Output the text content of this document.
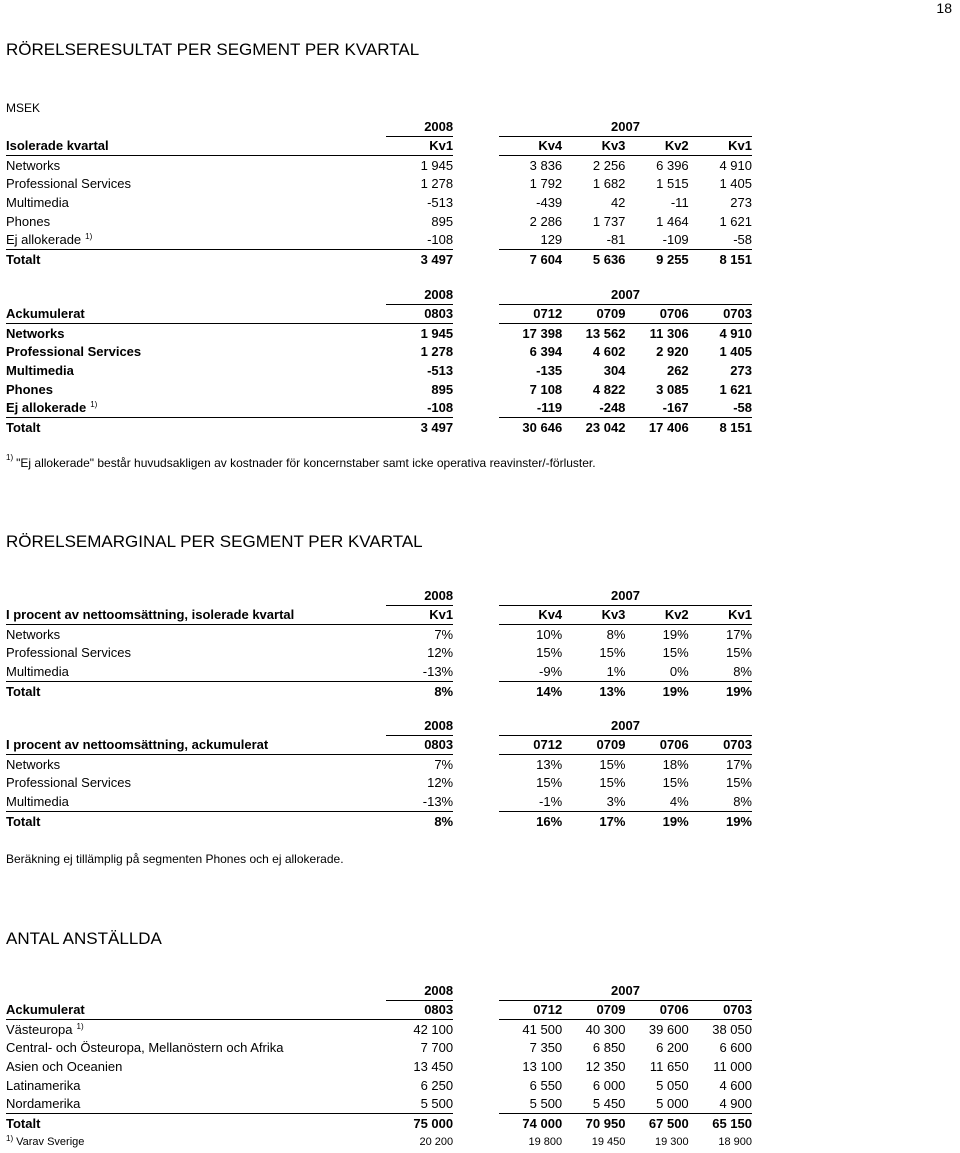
18
RÖRELSERESULTAT PER SEGMENT PER KVARTAL
MSEK
	2008		2007			
Isolerade kvartal	Kv1		Kv4	Kv3	Kv2	Kv1
Networks	1 945		3 836	2 256	6 396	4 910
Professional Services	1 278		1 792	1 682	1 515	1 405
Multimedia	-513		-439	42	-11	273
Phones	895		2 286	1 737	1 464	1 621
Ej allokerade $^{1)}$	-108		129	-81	-109	-58
Totalt	3 497		7 604	5 636	9 255	8 151
	2008		2007			
Ackumulerat	0803		0712	0709	0706	0703
Networks	1 945		17 398	13 562	11 306	4 910
Professional Services	1 278		6 394	4 602	2 920	1 405
Multimedia	-513		-135	304	262	273
Phones	895		7 108	4 822	3 085	1 621
Ej allokerade $^{1)}$	-108		-119	-248	-167	-58
Totalt	3 497		30 646	23 042	17 406	8 151
$^{1)}$ "Ej allokerade" består huvudsakligen av kostnader för koncernstaber samt icke operativa reavinster/-förluster.
RÖRELSEMARGINAL PER SEGMENT PER KVARTAL
	2008		2007			
I procent av nettoomsättning, isolerade kvartal	Kv1		Kv4	Kv3	Kv2	Kv1
Networks	7%		10%	8%	19%	17%
Professional Services	12%		15%	15%	15%	15%
Multimedia	-13%		-9%	1%	0%	8%
Totalt	8%		14%	13%	19%	19%
	2008		2007			
I procent av nettoomsättning, ackumulerat	0803		0712	0709	0706	0703
Networks	7%		13%	15%	18%	17%
Professional Services	12%		15%	15%	15%	15%
Multimedia	-13%		-1%	3%	4%	8%
Totalt	8%		16%	17%	19%	19%
Beräkning ej tillämplig på segmenten Phones och ej allokerade.
ANTAL ANSTÄLLDA
	2008		2007			
Ackumulerat	0803		0712	0709	0706	0703
Västeuropa $^{1)}$	42 100		41 500	40 300	39 600	38 050
Central- och Östeuropa, Mellanöstern och Afrika	7 700		7 350	6 850	6 200	6 600
Asien och Oceanien	13 450		13 100	12 350	11 650	11 000
Latinamerika	6 250		6 550	6 000	5 050	4 600
Nordamerika	5 500		5 500	5 450	5 000	4 900
Totalt	75 000		74 000	70 950	67 500	65 150
$^{1)}$ Varav Sverige	20 200		19 800	19 450	19 300	18 900
